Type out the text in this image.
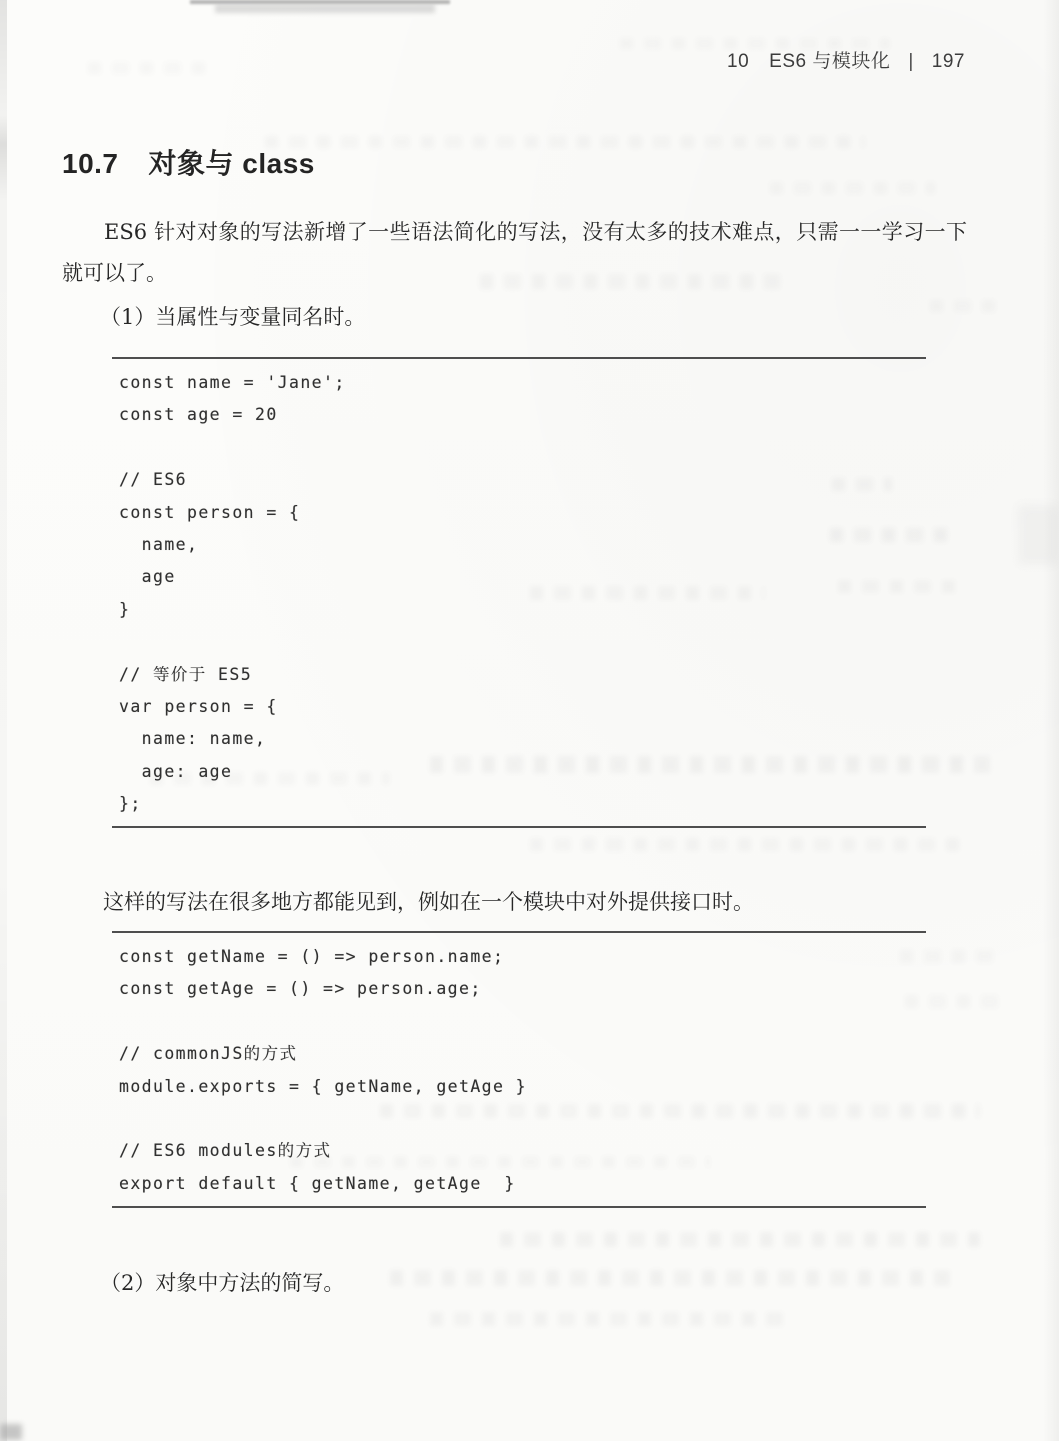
10 ES6 与模块化 | 197
10.7 对象与 class

ES6 针对对象的写法新增了一些语法简化的写法，没有太多的技术难点，只需一一学习一下就可以了。

（1）当属性与变量同名时。

const name = 'Jane';
const age = 20

// ES6
const person = {
name,
age
}

// 等价于 ES5
var person = {
name: name,
age: age
};

这样的写法在很多地方都能见到，例如在一个模块中对外提供接口时。

const getName = () => person.name;
const getAge = () => person.age;

// commonJS的方式
module.exports = { getName, getAge }

// ES6 modules的方式
export default { getName, getAge  }

（2）对象中方法的简写。
